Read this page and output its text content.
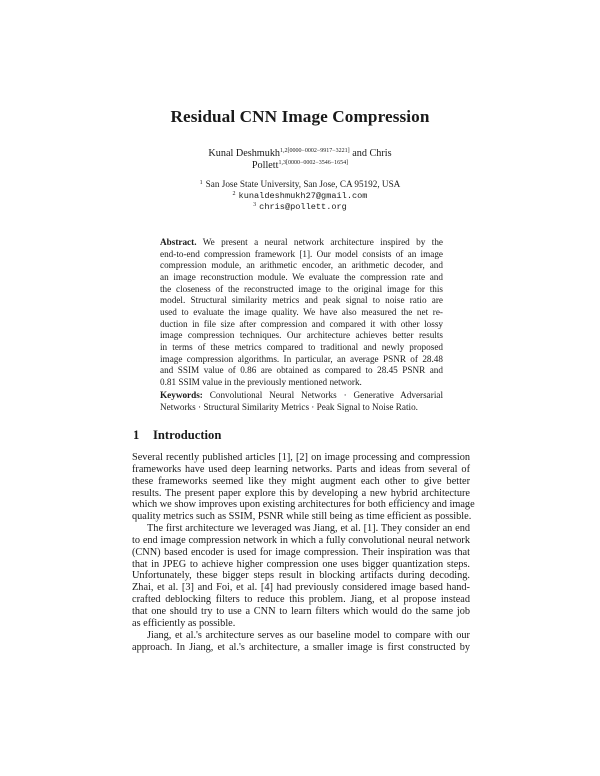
Residual CNN Image Compression
Kunal Deshmukh$^{1,2[0000-0002-9917-3221]}$ and Chris
Pollett$^{1,3[0000-0002-3546-1654]}$
$^1$ San Jose State University, San Jose, CA 95192, USA
$^2$ kunaldeshmukh27@gmail.com
$^3$ chris@pollett.org
Abstract. We present a neural network architecture inspired by the
end-to-end compression framework [1]. Our model consists of an image
compression module, an arithmetic encoder, an arithmetic decoder, and
an image reconstruction module. We evaluate the compression rate and
the closeness of the reconstructed image to the original image for this
model. Structural similarity metrics and peak signal to noise ratio are
used to evaluate the image quality. We have also measured the net re-
duction in file size after compression and compared it with other lossy
image compression techniques. Our architecture achieves better results
in terms of these metrics compared to traditional and newly proposed
image compression algorithms. In particular, an average PSNR of 28.48
and SSIM value of 0.86 are obtained as compared to 28.45 PSNR and
0.81 SSIM value in the previously mentioned network.
Keywords: Convolutional Neural Networks · Generative Adversarial
Networks · Structural Similarity Metrics · Peak Signal to Noise Ratio.
1 Introduction
Several recently published articles [1], [2] on image processing and compression
frameworks have used deep learning networks. Parts and ideas from several of
these frameworks seemed like they might augment each other to give better
results. The present paper explore this by developing a new hybrid architecture
which we show improves upon existing architectures for both efficiency and image
quality metrics such as SSIM, PSNR while still being as time efficient as possible.
The first architecture we leveraged was Jiang, et al. [1]. They consider an end
to end image compression network in which a fully convolutional neural network
(CNN) based encoder is used for image compression. Their inspiration was that
that in JPEG to achieve higher compression one uses bigger quantization steps.
Unfortunately, these bigger steps result in blocking artifacts during decoding.
Zhai, et al. [3] and Foi, et al. [4] had previously considered image based hand-
crafted deblocking filters to reduce this problem. Jiang, et al propose instead
that one should try to use a CNN to learn filters which would do the same job
as efficiently as possible.
Jiang, et al.'s architecture serves as our baseline model to compare with our
approach. In Jiang, et al.'s architecture, a smaller image is first constructed by
